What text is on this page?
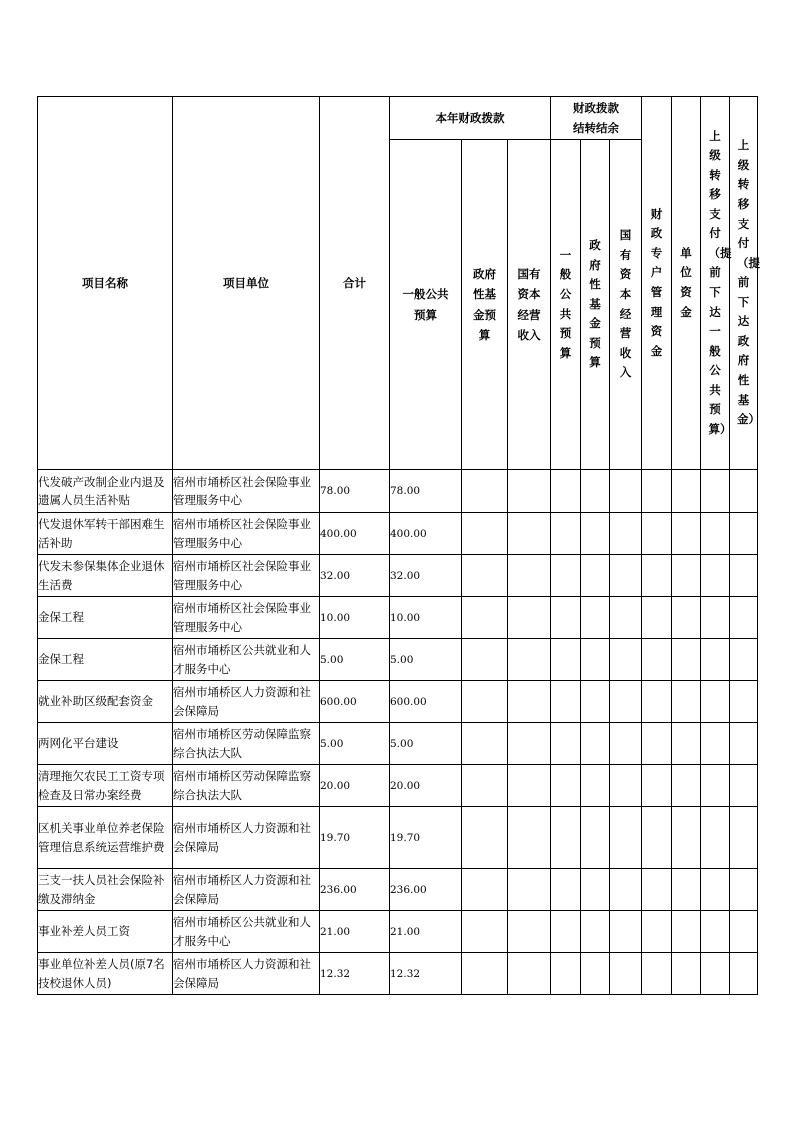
项目名称	项目单位	合计	本年财政拨款			财政拨款结转结余			财政专户管理资金	单位资金	上级转移支付（提前下达一般公共预算）	上级转移支付（提前下达政府性基金）

			一般公共预算	政府性基金预算	国有资本经营收入	一般公共预算	政府性基金预算	国有资本经营收入				

代发破产改制企业内退及遗属人员生活补贴	宿州市埇桥区社会保险事业管理服务中心	78.00	78.00									
代发退休军转干部困难生活补助	宿州市埇桥区社会保险事业管理服务中心	400.00	400.00									
代发未参保集体企业退休生活费	宿州市埇桥区社会保险事业管理服务中心	32.00	32.00									
金保工程	宿州市埇桥区社会保险事业管理服务中心	10.00	10.00									
金保工程	宿州市埇桥区公共就业和人才服务中心	5.00	5.00									
就业补助区级配套资金	宿州市埇桥区人力资源和社会保障局	600.00	600.00									
两网化平台建设	宿州市埇桥区劳动保障监察综合执法大队	5.00	5.00									
清理拖欠农民工工资专项检查及日常办案经费	宿州市埇桥区劳动保障监察综合执法大队	20.00	20.00									
区机关事业单位养老保险管理信息系统运营维护费	宿州市埇桥区人力资源和社会保障局	19.70	19.70									
三支一扶人员社会保险补缴及滞纳金	宿州市埇桥区人力资源和社会保障局	236.00	236.00									
事业补差人员工资	宿州市埇桥区公共就业和人才服务中心	21.00	21.00									
事业单位补差人员(原7名技校退休人员)	宿州市埇桥区人力资源和社会保障局	12.32	12.32									
